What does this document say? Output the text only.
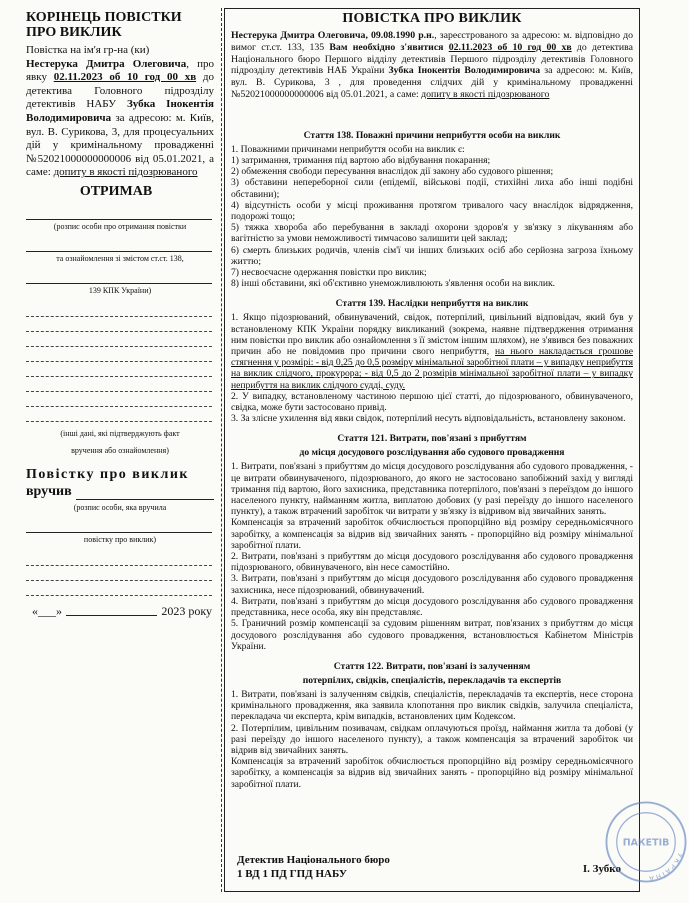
КОРІНЕЦЬ ПОВІСТКИ
ПРО ВИКЛИК

Повістка на ім'я гр-на (ки)
Нестерука Дмитра Олеговича, про явку 02.11.2023 об 10 год 00 хв до детектива Головного підрозділу детективів НАБУ Зубка Інокентія Володимировича за адресою: м. Київ, вул. В. Сурикова, 3, для процесуальних дій у кримінальному провадженні №52021000000000006 від 05.01.2021, а саме: допиту в якості підозрюваного

ОТРИМАВ
(розпис особи про отримання повістки
та ознайомлення зі змістом ст.ст. 138,
139 КПК України)
(інші дані, які підтверджують факт
вручення або ознайомлення)
Повістку про виклик
вручив
(розпис особи, яка вручила
повістку про виклик)
«___»	2023 року
ПОВІСТКА ПРО ВИКЛИК

Нестерука Дмитра Олеговича, 09.08.1990 р.н., зареєстрованого за адресою: м. відповідно до вимог ст.ст. 133, 135 Вам необхідно з'явитися 02.11.2023 об 10 год 00 хв до детектива Національного бюро Першого відділу детективів Першого підрозділу детективів Головного підрозділу детективів НАБ України Зубка Інокентія Володимировича за адресою: м. Київ, вул. В. Сурикова, 3 , для проведення слідчих дій у кримінальному провадженні №52021000000000006 від 05.01.2021, а саме: допиту в якості підозрюваного

Стаття 138. Поважні причини неприбуття особи на виклик

1. Поважними причинами неприбуття особи на виклик є:

1) затримання, тримання під вартою або відбування покарання;

2) обмеження свободи пересування внаслідок дії закону або судового рішення;

3) обставини непереборної сили (епідемії, військові події, стихійні лиха або інші подібні обставини);

4) відсутність особи у місці проживання протягом тривалого часу внаслідок відрядження, подорожі тощо;

5) тяжка хвороба або перебування в закладі охорони здоров'я у зв'язку з лікуванням або вагітністю за умови неможливості тимчасово залишити цей заклад;

6) смерть близьких родичів, членів сім'ї чи інших близьких осіб або серйозна загроза їхньому життю;

7) несвоєчасне одержання повістки про виклик;

8) інші обставини, які об'єктивно унеможливлюють з'явлення особи на виклик.

Стаття 139. Наслідки неприбуття на виклик

1. Якщо підозрюваний, обвинувачений, свідок, потерпілий, цивільний відповідач, який був у встановленому КПК України порядку викликаний (зокрема, наявне підтвердження отримання ним повістки про виклик або ознайомлення з її змістом іншим шляхом), не з'явився без поважних причин або не повідомив про причини свого неприбуття, на нього накладається грошове стягнення у розмірі: - від 0,25 до 0,5 розміру мінімальної заробітної плати – у випадку неприбуття на виклик слідчого, прокурора; - від 0,5 до 2 розмірів мінімальної заробітної плати – у випадку неприбуття на виклик слідчого судді, суду.

2. У випадку, встановленому частиною першою цієї статті, до підозрюваного, обвинуваченого, свідка, може бути застосовано привід.

3. За злісне ухилення від явки свідок, потерпілий несуть відповідальність, встановлену законом.

Стаття 121. Витрати, пов'язані з прибуттям
до місця досудового розслідування або судового провадження

1. Витрати, пов'язані з прибуттям до місця досудового розслідування або судового провадження, - це витрати обвинуваченого, підозрюваного, до якого не застосовано запобіжний захід у вигляді тримання під вартою, його захисника, представника потерпілого, пов'язані з переїздом до іншого населеного пункту, найманням житла, виплатою добових (у разі переїзду до іншого населеного пункту), а також втрачений заробіток чи витрати у зв'язку із відривом від звичайних занять.

Компенсація за втрачений заробіток обчислюється пропорційно від розміру середньомісячного заробітку, а компенсація за відрив від звичайних занять - пропорційно від розміру мінімальної заробітної плати.

2. Витрати, пов'язані з прибуттям до місця досудового розслідування або судового провадження підозрюваного, обвинуваченого, він несе самостійно.

3. Витрати, пов'язані з прибуттям до місця досудового розслідування або судового провадження захисника, несе підозрюваний, обвинувачений.

4. Витрати, пов'язані з прибуттям до місця досудового розслідування або судового провадження представника, несе особа, яку він представляє.

5. Граничний розмір компенсації за судовим рішенням витрат, пов'язаних з прибуттям до місця досудового розслідування або судового провадження, встановлюється Кабінетом Міністрів України.

Стаття 122. Витрати, пов'язані із залученням
потерпілих, свідків, спеціалістів, перекладачів та експертів

1. Витрати, пов'язані із залученням свідків, спеціалістів, перекладачів та експертів, несе сторона кримінального провадження, яка заявила клопотання про виклик свідків, залучила спеціаліста, перекладача чи експерта, крім випадків, встановлених цим Кодексом.

2. Потерпілим, цивільним позивачам, свідкам оплачуються проїзд, наймання житла та добові (у разі переїзду до іншого населеного пункту), а також компенсація за втрачений заробіток чи відрив від звичайних занять.

Компенсація за втрачений заробіток обчислюється пропорційно від розміру середньомісячного заробітку, а компенсація за відрив від звичайних занять - пропорційно від розміру мінімальної заробітної плати.

Детектив Національного бюро
1 ВД 1 ПД ГПД НАБУ	І. Зубко
УКРАЇНА
ПАКЕТІВ
